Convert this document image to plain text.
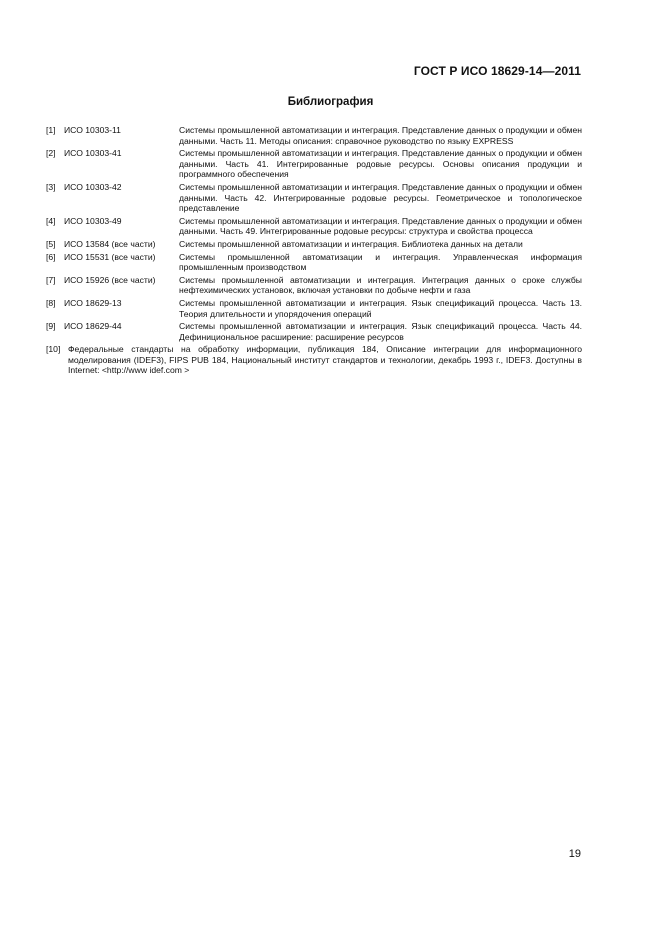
ГОСТ Р ИСО 18629-14—2011
Библиография
[1] ИСО 10303-11	Системы промышленной автоматизации и интеграция. Представление данных о продукции и обмен данными. Часть 11. Методы описания: справочное руководство по языку EXPRESS
[2] ИСО 10303-41	Системы промышленной автоматизации и интеграция. Представление данных о продукции и обмен данными. Часть 41. Интегрированные родовые ресурсы. Основы описания продукции и программного обеспечения
[3] ИСО 10303-42	Системы промышленной автоматизации и интеграция. Представление данных о продукции и обмен данными. Часть 42. Интегрированные родовые ресурсы. Геометрическое и топологическое представление
[4] ИСО 10303-49	Системы промышленной автоматизации и интеграция. Представление данных о продукции и обмен данными. Часть 49. Интегрированные родовые ресурсы: структура и свойства процесса
[5] ИСО 13584 (все части)	Системы промышленной автоматизации и интеграция. Библиотека данных на детали
[6] ИСО 15531 (все части)	Системы промышленной автоматизации и интеграция. Управленческая информация промышленным производством
[7] ИСО 15926 (все части)	Системы промышленной автоматизации и интеграция. Интеграция данных о сроке службы нефтехимических установок, включая установки по добыче нефти и газа
[8] ИСО 18629-13	Системы промышленной автоматизации и интеграция. Язык спецификаций процесса. Часть 13. Теория длительности и упорядочения операций
[9] ИСО 18629-44	Системы промышленной автоматизации и интеграция. Язык спецификаций процесса. Часть 44. Дефинициональное расширение: расширение ресурсов
[10] Федеральные стандарты на обработку информации, публикация 184, Описание интеграции для информационного моделирования (IDEF3), FIPS PUB 184, Национальный институт стандартов и технологии, декабрь 1993 г., IDEF3. Доступны в Internet: <http://www idef.com >
19
